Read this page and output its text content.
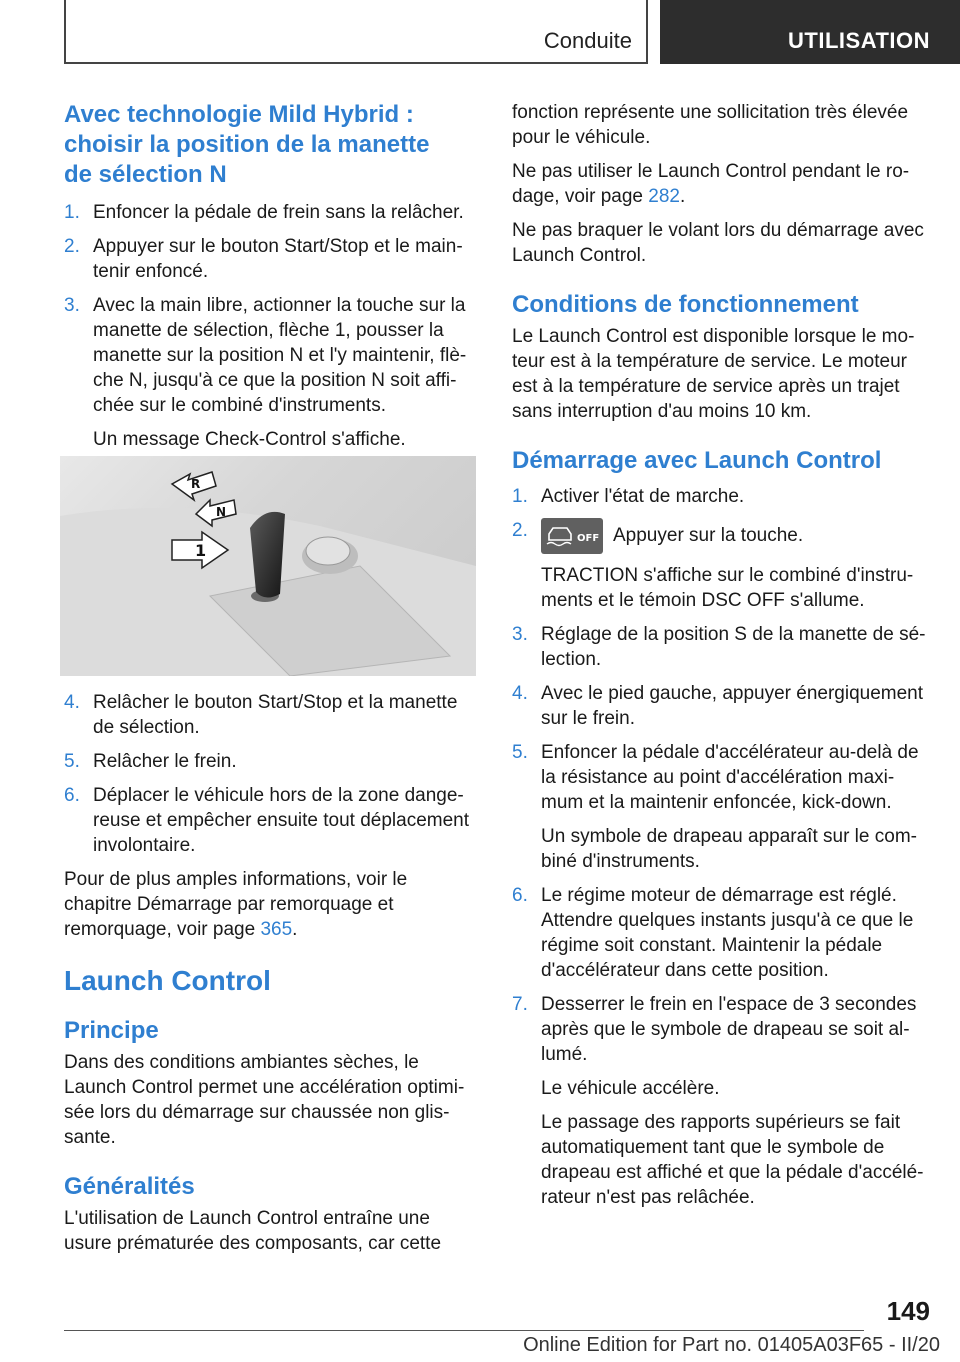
Conduite	UTILISATION
Avec technologie Mild Hybrid : choisir la position de la manette de sélection N
1. Enfoncer la pédale de frein sans la relâcher.
2. Appuyer sur le bouton Start/Stop et le main-tenir enfoncé.
3. Avec la main libre, actionner la touche sur la manette de sélection, flèche 1, pousser la manette sur la position N et l'y maintenir, flè-che N, jusqu'à ce que la position N soit affi-chée sur le combiné d'instruments.
Un message Check-Control s'affiche.
R
N
1
4. Relâcher le bouton Start/Stop et la manette de sélection.
5. Relâcher le frein.
6. Déplacer le véhicule hors de la zone dange-reuse et empêcher ensuite tout déplacement involontaire.
Pour de plus amples informations, voir le chapitre Démarrage par remorquage et remorquage, voir page 365.
Launch Control
Principe
Dans des conditions ambiantes sèches, le Launch Control permet une accélération optimi-sée lors du démarrage sur chaussée non glis-sante.
Généralités
L'utilisation de Launch Control entraîne une usure prématurée des composants, car cette
fonction représente une sollicitation très élevée pour le véhicule.
Ne pas utiliser le Launch Control pendant le ro-dage, voir page 282.
Ne pas braquer le volant lors du démarrage avec Launch Control.
Conditions de fonctionnement
Le Launch Control est disponible lorsque le mo-teur est à la température de service. Le moteur est à la température de service après un trajet sans interruption d'au moins 10 km.
Démarrage avec Launch Control
1. Activer l'état de marche.
2.	OFF Appuyer sur la touche.
TRACTION s'affiche sur le combiné d'instru-ments et le témoin DSC OFF s'allume.
3. Réglage de la position S de la manette de sé-lection.
4. Avec le pied gauche, appuyer énergiquement sur le frein.
5. Enfoncer la pédale d'accélérateur au-delà de la résistance au point d'accélération maxi-mum et la maintenir enfoncée, kick-down.
Un symbole de drapeau apparaît sur le com-biné d'instruments.
6. Le régime moteur de démarrage est réglé. Attendre quelques instants jusqu'à ce que le régime soit constant. Maintenir la pédale d'accélérateur dans cette position.
7. Desserrer le frein en l'espace de 3 secondes après que le symbole de drapeau se soit al-lumé.
Le véhicule accélère.
Le passage des rapports supérieurs se fait automatiquement tant que le symbole de drapeau est affiché et que la pédale d'accélé-rateur n'est pas relâchée.
149
Online Edition for Part no. 01405A03F65 - II/20
